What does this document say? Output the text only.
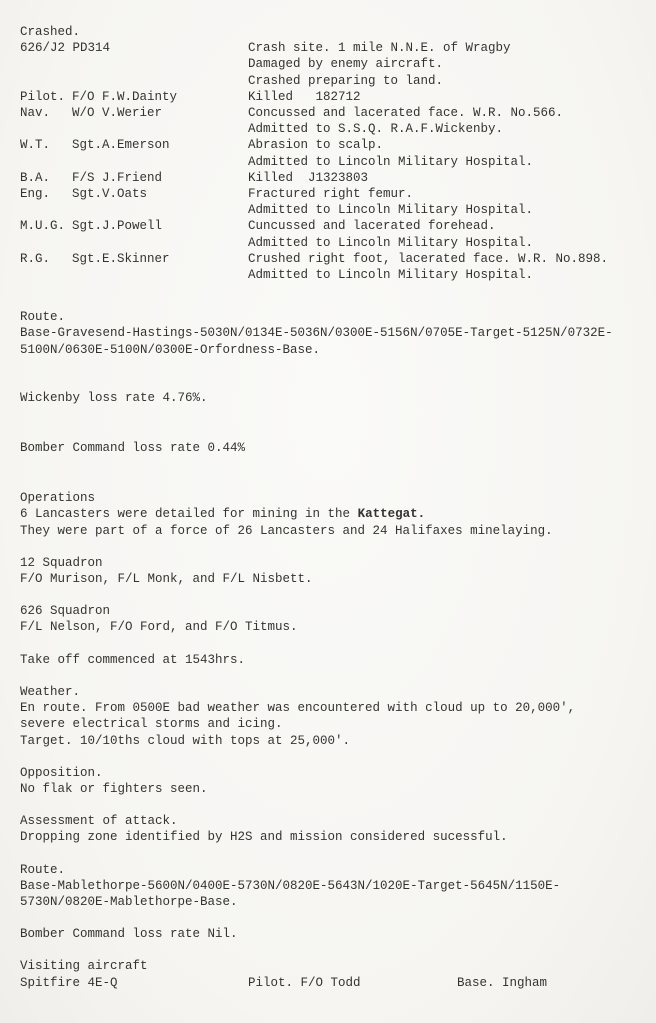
Crashed.
626/J2 PD314	Crash site. 1 mile N.N.E. of Wragby
Damaged by enemy aircraft.
Crashed preparing to land.
Pilot. F/O F.W.Dainty	Killed   182712
Nav. W/O V.Werier	Concussed and lacerated face. W.R. No.566.
Admitted to S.S.Q. R.A.F.Wickenby.
W.T. Sgt.A.Emerson	Abrasion to scalp.
Admitted to Lincoln Military Hospital.
B.A. F/S J.Friend	Killed  J1323803
Eng. Sgt.V.Oats	Fractured right femur.
Admitted to Lincoln Military Hospital.
M.U.G. Sgt.J.Powell	Cuncussed and lacerated forehead.
Admitted to Lincoln Military Hospital.
R.G. Sgt.E.Skinner	Crushed right foot, lacerated face. W.R. No.898.
Admitted to Lincoln Military Hospital.
Route.
Base-Gravesend-Hastings-5030N/0134E-5036N/0300E-5156N/0705E-Target-5125N/0732E-
5100N/0630E-5100N/0300E-Orfordness-Base.
Wickenby loss rate 4.76%.
Bomber Command loss rate 0.44%
Operations
6 Lancasters were detailed for mining in the Kattegat.
They were part of a force of 26 Lancasters and 24 Halifaxes minelaying.
12 Squadron
F/O Murison, F/L Monk, and F/L Nisbett.
626 Squadron
F/L Nelson, F/O Ford, and F/O Titmus.
Take off commenced at 1543hrs.
Weather.
En route. From 0500E bad weather was encountered with cloud up to 20,000',
severe electrical storms and icing.
Target. 10/10ths cloud with tops at 25,000'.
Opposition.
No flak or fighters seen.
Assessment of attack.
Dropping zone identified by H2S and mission considered sucessful.
Route.
Base-Mablethorpe-5600N/0400E-5730N/0820E-5643N/1020E-Target-5645N/1150E-
5730N/0820E-Mablethorpe-Base.
Bomber Command loss rate Nil.
Visiting aircraft
Spitfire 4E-Q	Pilot. F/O Todd	Base. Ingham
